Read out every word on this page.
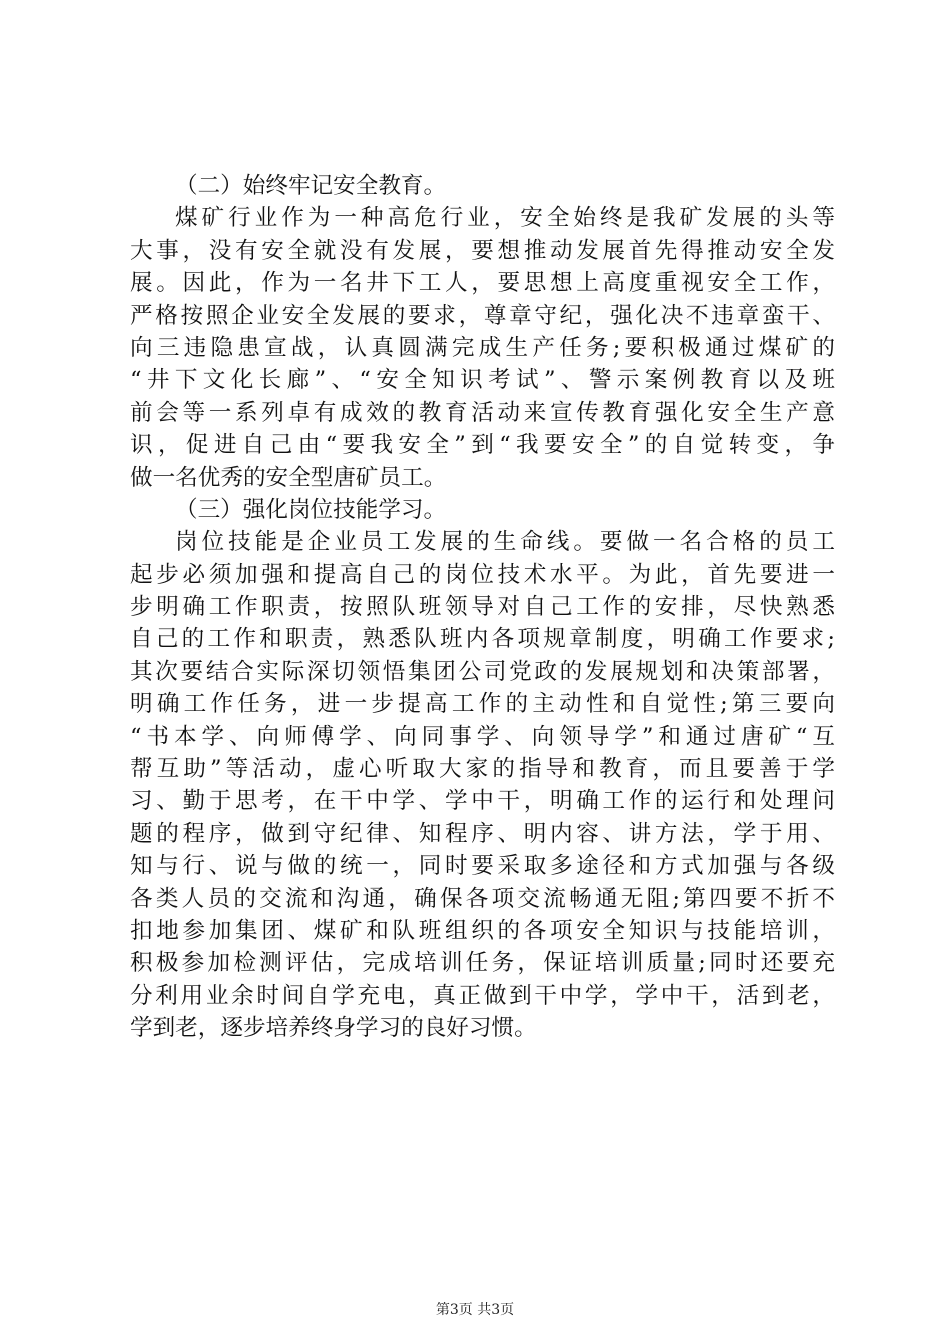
（二）始终牢记安全教育。
煤矿行业作为一种高危行业，安全始终是我矿发展的头等
大事，没有安全就没有发展，要想推动发展首先得推动安全发
展。因此，作为一名井下工人，要思想上高度重视安全工作，
严格按照企业安全发展的要求，尊章守纪，强化决不违章蛮干、
向三违隐患宣战，认真圆满完成生产任务;要积极通过煤矿的
“井下文化长廊”、“安全知识考试”、警示案例教育以及班
前会等一系列卓有成效的教育活动来宣传教育强化安全生产意
识，促进自己由“要我安全”到“我要安全”的自觉转变，争
做一名优秀的安全型唐矿员工。
（三）强化岗位技能学习。
岗位技能是企业员工发展的生命线。要做一名合格的员工
起步必须加强和提高自己的岗位技术水平。为此，首先要进一
步明确工作职责，按照队班领导对自己工作的安排，尽快熟悉
自己的工作和职责，熟悉队班内各项规章制度，明确工作要求;
其次要结合实际深切领悟集团公司党政的发展规划和决策部署，
明确工作任务，进一步提高工作的主动性和自觉性;第三要向
“书本学、向师傅学、向同事学、向领导学”和通过唐矿“互
帮互助”等活动，虚心听取大家的指导和教育，而且要善于学
习、勤于思考，在干中学、学中干，明确工作的运行和处理问
题的程序，做到守纪律、知程序、明内容、讲方法，学于用、
知与行、说与做的统一，同时要采取多途径和方式加强与各级
各类人员的交流和沟通，确保各项交流畅通无阻;第四要不折不
扣地参加集团、煤矿和队班组织的各项安全知识与技能培训，
积极参加检测评估，完成培训任务，保证培训质量;同时还要充
分利用业余时间自学充电，真正做到干中学，学中干，活到老，
学到老，逐步培养终身学习的良好习惯。
第3页 共3页
